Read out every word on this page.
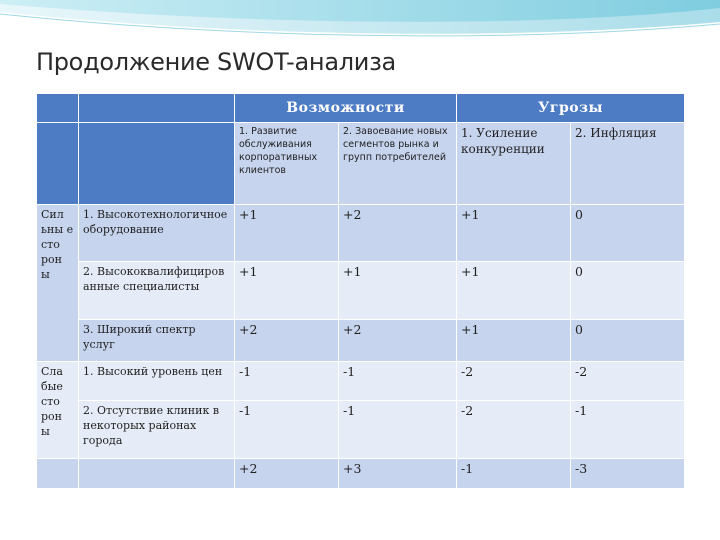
Продолжение SWOT-анализа
		Возможности		Угрозы	
		1. Развитие обслуживания корпоративных клиентов	2. Завоевание новых сегментов рынка и групп потребителей	1. Усиление конкуренции	2. Инфляция
Сил ьны е сто рон ы	1. Высокотехнологичное оборудование	+1	+2	+1	0
	2. Высококвалифициров анные специалисты	+1	+1	+1	0
	3. Широкий спектр услуг	+2	+2	+1	0
Сла бые сто рон ы	1. Высокий уровень цен	-1	-1	-2	-2
	2. Отсутствие клиник в некоторых районах города	-1	-1	-2	-1
		+2	+3	-1	-3
